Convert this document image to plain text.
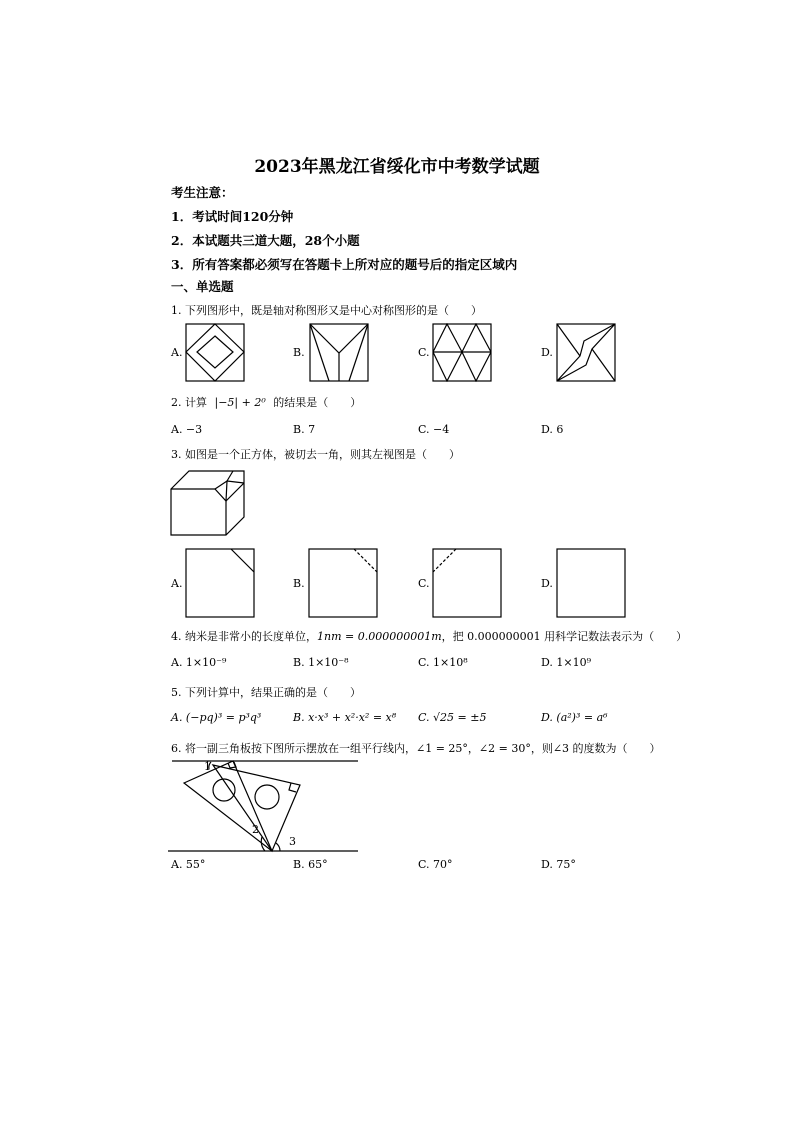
2023年黑龙江省绥化市中考数学试题
考生注意：
1．考试时间120分钟
2．本试题共三道大题，28个小题
3．所有答案都必须写在答题卡上所对应的题号后的指定区域内
一、单选题
1. 下列图形中，既是轴对称图形又是中心对称图形的是（　　）
A.	B.	C.	D.
2. 计算 |−5| + 2⁰ 的结果是（　　）
A. −3	B. 7	C. −4	D. 6
3. 如图是一个正方体，被切去一角，则其左视图是（　　）
A.	B.	C.	D.
4. 纳米是非常小的长度单位，1nm = 0.000000001m，把 0.000000001 用科学记数法表示为（　　）
A. 1×10⁻⁹	B. 1×10⁻⁸	C. 1×10⁸	D. 1×10⁹
5. 下列计算中，结果正确的是（　　）
A. (−pq)³ = p³q³	B. x·x³ + x²·x² = x⁸ C. √25 = ±5	D. (a²)³ = a⁶
6. 将一副三角板按下图所示摆放在一组平行线内，∠1 = 25°，∠2 = 30°，则∠3 的度数为（　　）
1
2
3
A. 55°	B. 65°	C. 70°	D. 75°
